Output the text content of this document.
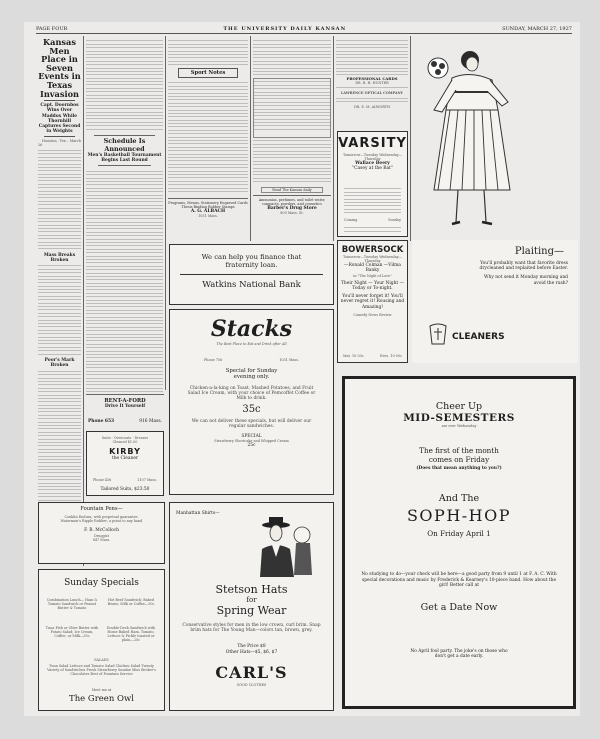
PAGE FOUR	THE UNIVERSITY DAILY KANSAN	SUNDAY, MARCH 27, 1927
Kansas Men Place in Seven Events in Texas Invasion
Capt. Doornbos Wins Over Maddox While Thornhill Captures Second in Weights
Houston, Tex., March 26
Mass Breaks Broken
Poor's Mark Broken
Schedule Is Announced
Men's Basketball Tournament Begins Last Round
Sport Notes
Programs, Menus, Stationery Engraved Cards Thesis Binding Rubber Stamps
A. G. ALBACH
1031 Mass.
Read The Kansan daily
Ammonias, perfumes, and toilet water, compacts, powders, and cosmetics
Barber's Drug Store
809 Mass. St.
PROFESSIONAL CARDS
DR. R. H. HUNTER
LAWRENCE OPTICAL COMPANY
DR. E. M. ALWORTH
VARSITY
Tomorrow—Tuesday Wednesday—Thursday
Wallace Beery
"Casey at the Bat"
Coming	Sunday
BOWERSOCK
Tomorrow—Tuesday Wednesday—Thursday
—Ronald Colman —Vilma Banky
in "The Night of Love"
Their Night — Your Night — Today or To-night.
You'll never forget it! You'll never regret it! Rousing and Amazing!
Comedy News Review
Mat. 10-30c	Eves. 10-50c
Plaiting—
You'll probably want that favorite dress drycleaned and replaited before Easter.
Why not send it Monday morning and avoid the rush?
CLEANERS
We can help you finance that
fraternity loan.
Watkins National Bank
Stacks
The Best Place to Eat and Drink after All
Phone 756	1031 Mass.
Special for Sunday evening only.
Chicken-a-la-king on Toast, Mashed Potatoes, and Fruit Salad Ice Cream, with your choice of Pemcoffet Coffee or Milk to drink.
35c
We can not deliver these specials, but will deliver our regular sandwiches.
SPECIAL
Strawberry Shortcake and Whipped Cream
25c
RENT-A-FORD
Drive It Yourself
Phone 653	916 Mass.
Suits - Overcoats - Dresses
Cleaned $1.00
KIRBY
the Cleaner
Phone 436	1107 Mass.
Tailored Suits, $23.50
Fountain Pens—
Conklin Endura, with perpetual guarantee.
Waterman's Ripple Rubber; a point to any hand
F. B. McColloch
Druggist
847 Mass.
Sunday Specials
Combination Lunch— Ham & Tomato Sandwich or Peanut Butter & Tomato
Hot Beef Sandwich; Baked Beans; Milk or Coffee—30c
Tuna Fish or Olive Butter with Potato Salad; Ice Cream, Coffee, or Milk—35c
Double-Deck Sandwich with Home Baked Ham, Tomato, Lettuce & Pickle toasted or plain—25c
SALADS
Tuna Salad Lettuce and Tomato Salad Chicken Salad Twenty Variety of Sandwiches Fresh Strawberry Sundae Miss Becker's Chocolates Best of Fountain Service
Meet me at
The Green Owl
Manhattan Shirts—
Stetson Hats
for
Spring Wear
Conservative styles for men in the low crown, curl brim. Snap brim hats for The Young Man—colors tan, brown, grey.
The Price $8
Other Hats—$5, $6, $7
CARL'S
GOOD CLOTHES
Cheer Up
MID-SEMESTERS
are over Wednesday
The first of the month
comes on Friday
(Does that mean anything to you?)
And The
SOPH-HOP
On Friday April 1
No studying to do—your check will be here—a good party from 9 until 1 at F. A. C. With special decorations and music by Frederick & Kearney's 10-piece band. How about the girl! Better call at
Get a Date Now
No April fool party. The joke's on those who
don't get a date early.
